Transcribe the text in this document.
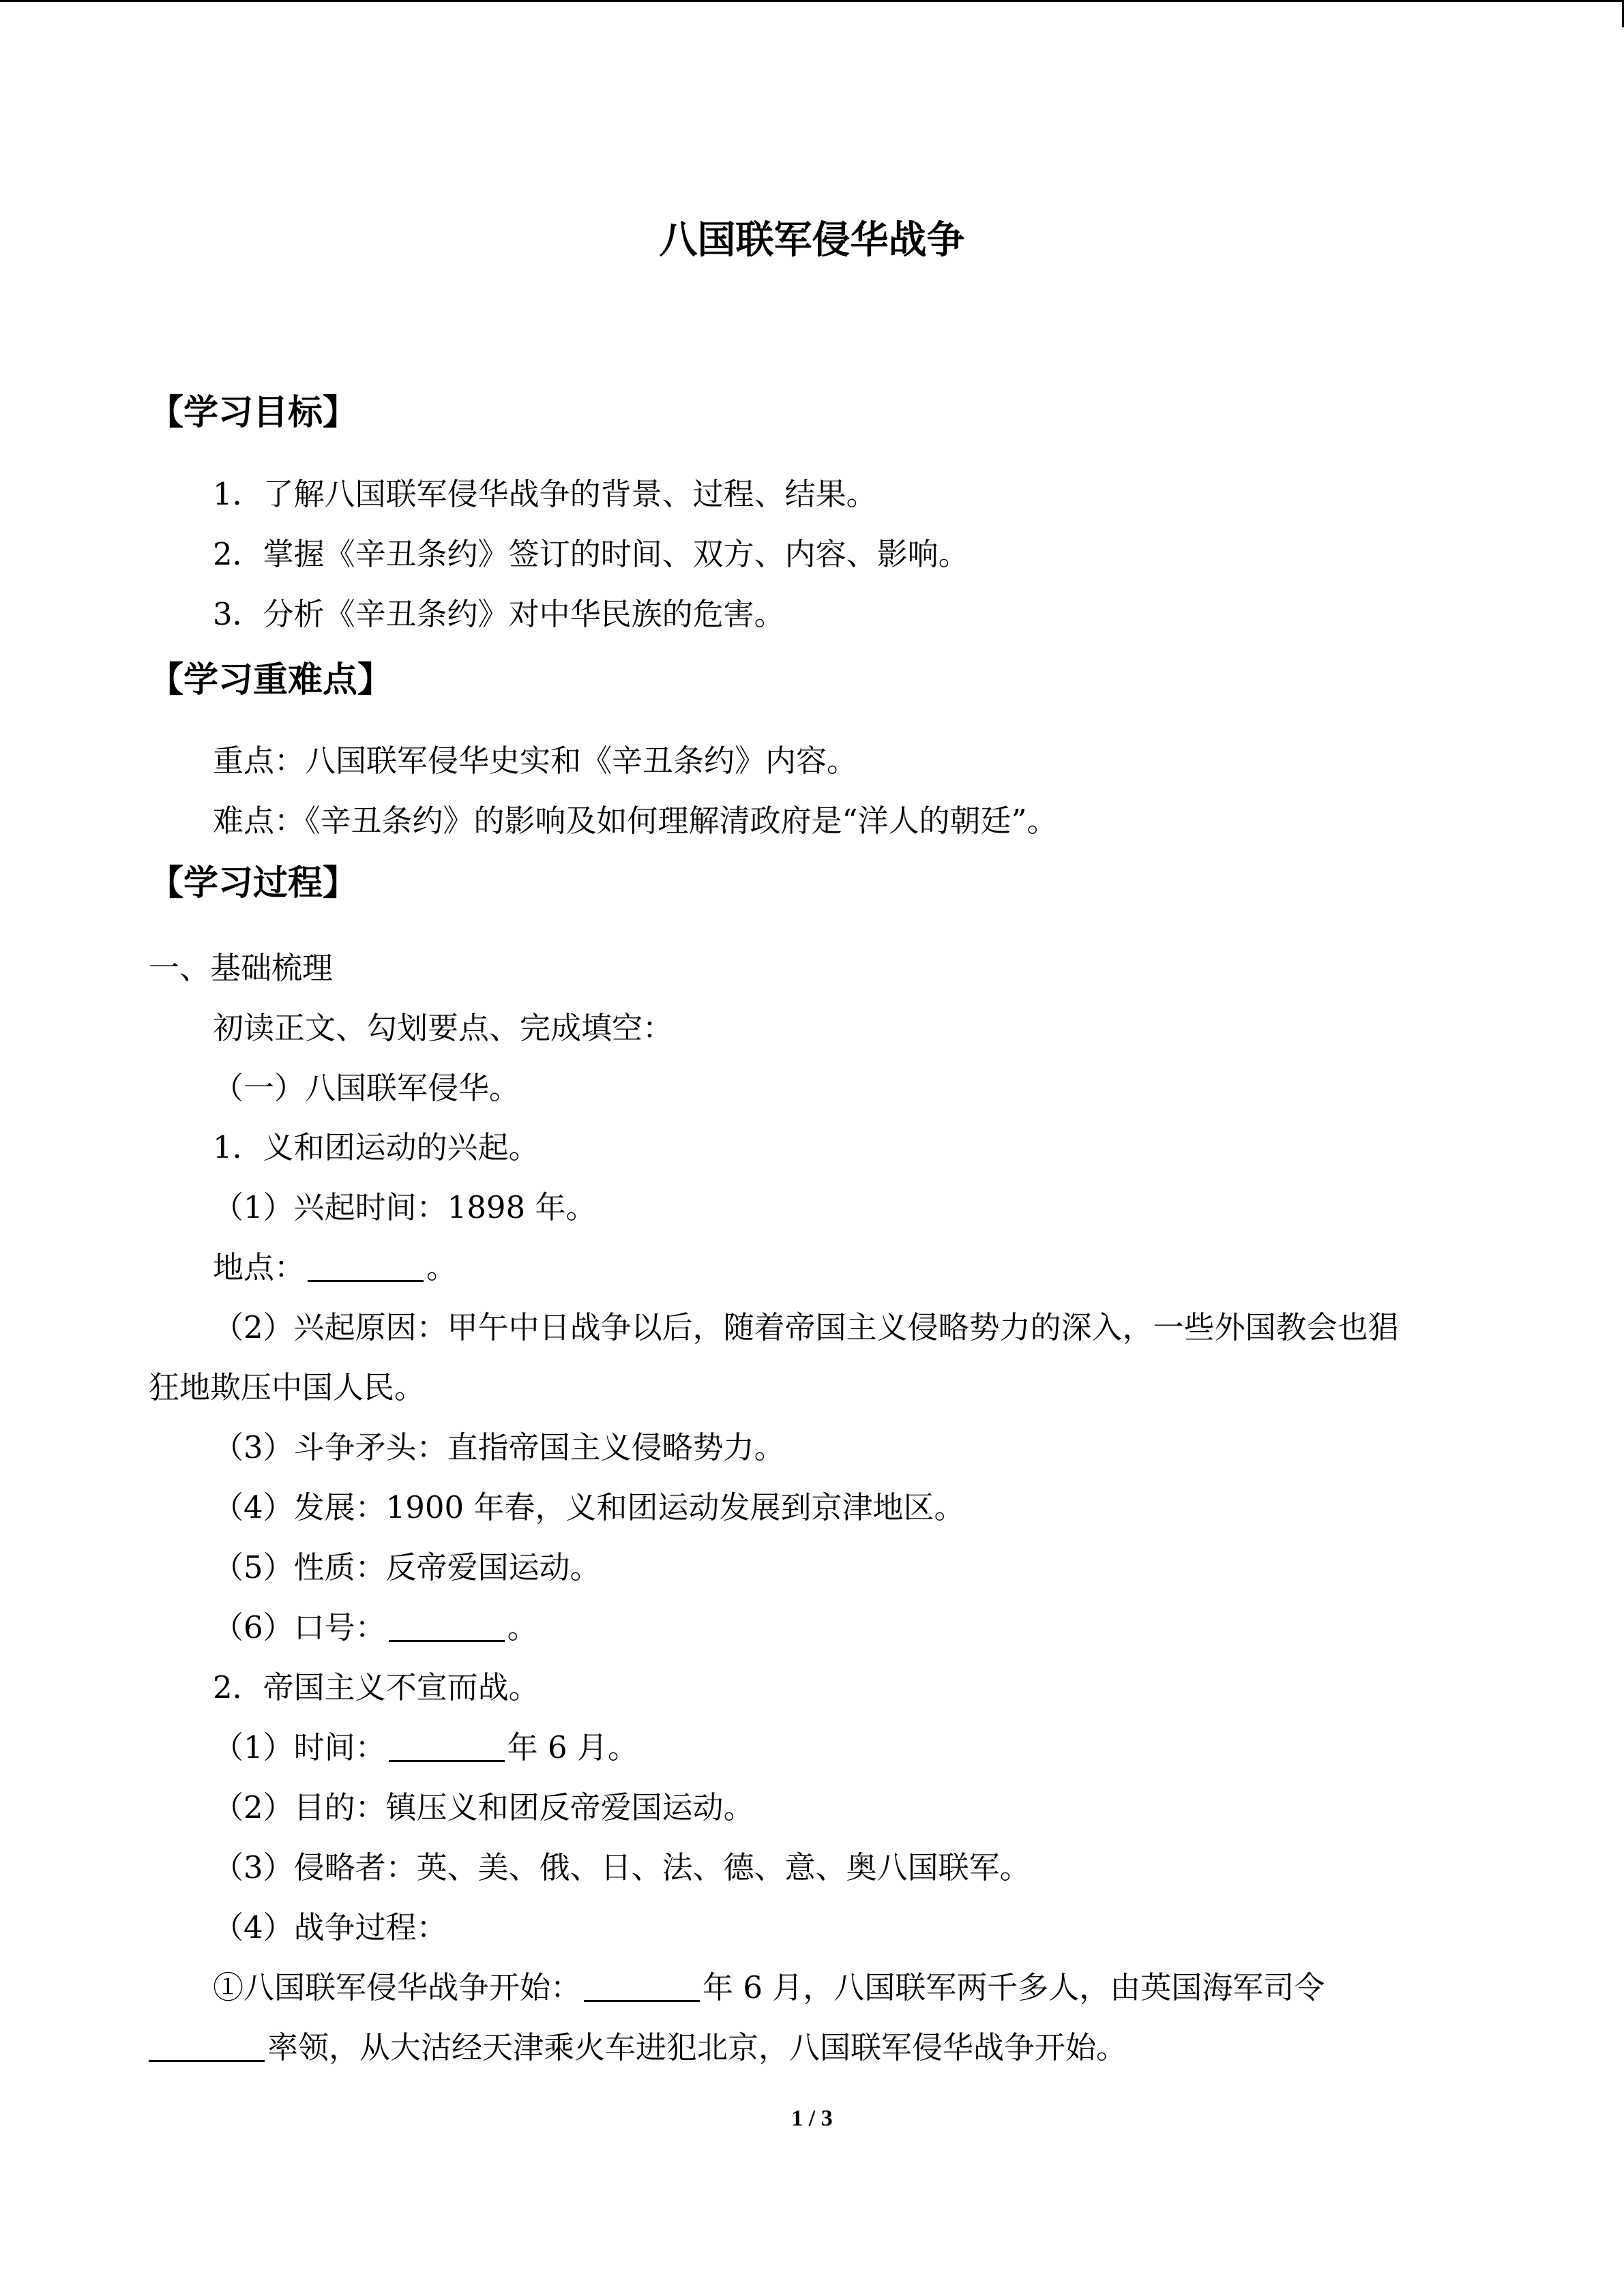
八国联军侵华战争
【学习目标】
1．了解八国联军侵华战争的背景、过程、结果。
2．掌握《辛丑条约》签订的时间、双方、内容、影响。
3．分析《辛丑条约》对中华民族的危害。
【学习重难点】
重点：八国联军侵华史实和《辛丑条约》内容。
难点：《辛丑条约》的影响及如何理解清政府是“洋人的朝廷”。
【学习过程】
一、基础梳理
初读正文、勾划要点、完成填空：
（一）八国联军侵华。
1．义和团运动的兴起。
（1）兴起时间：1898 年。
地点：	。
（2）兴起原因：甲午中日战争以后，随着帝国主义侵略势力的深入，一些外国教会也猖
狂地欺压中国人民。
（3）斗争矛头：直指帝国主义侵略势力。
（4）发展：1900 年春，义和团运动发展到京津地区。
（5）性质：反帝爱国运动。
（6）口号：	。
2．帝国主义不宣而战。
（1）时间：	年 6 月。
（2）目的：镇压义和团反帝爱国运动。
（3）侵略者：英、美、俄、日、法、德、意、奥八国联军。
（4）战争过程：
①八国联军侵华战争开始：	年 6 月，八国联军两千多人，由英国海军司令
率领，从大沽经天津乘火车进犯北京，八国联军侵华战争开始。
1 / 3
